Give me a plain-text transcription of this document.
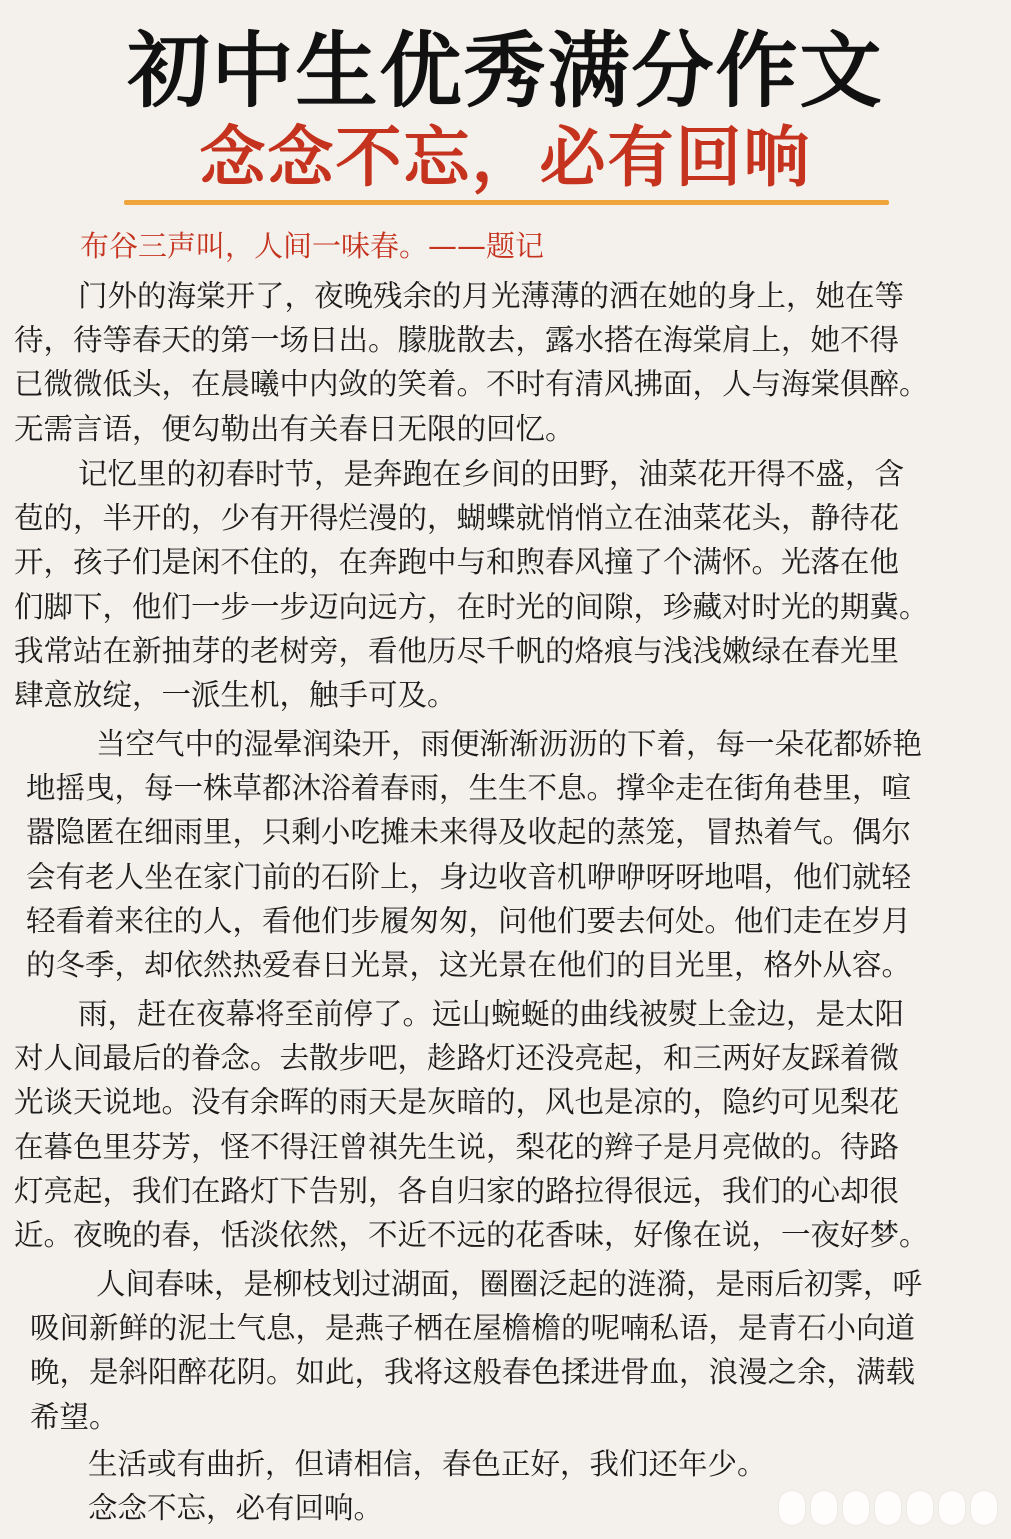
初中生优秀满分作文
念念不忘，必有回响
布谷三声叫，人间一味春。——题记
门外的海棠开了，夜晚残余的月光薄薄的洒在她的身上，她在等
待，待等春天的第一场日出。朦胧散去，露水搭在海棠肩上，她不得
已微微低头，在晨曦中内敛的笑着。不时有清风拂面，人与海棠俱醉。
无需言语，便勾勒出有关春日无限的回忆。
记忆里的初春时节，是奔跑在乡间的田野，油菜花开得不盛，含
苞的，半开的，少有开得烂漫的，蝴蝶就悄悄立在油菜花头，静待花
开，孩子们是闲不住的，在奔跑中与和煦春风撞了个满怀。光落在他
们脚下，他们一步一步迈向远方，在时光的间隙，珍藏对时光的期冀。
我常站在新抽芽的老树旁，看他历尽千帆的烙痕与浅浅嫩绿在春光里
肆意放绽，一派生机，触手可及。
当空气中的湿晕润染开，雨便渐渐沥沥的下着，每一朵花都娇艳
地摇曳，每一株草都沐浴着春雨，生生不息。撑伞走在街角巷里，喧
嚣隐匿在细雨里，只剩小吃摊未来得及收起的蒸笼，冒热着气。偶尔
会有老人坐在家门前的石阶上，身边收音机咿咿呀呀地唱，他们就轻
轻看着来往的人，看他们步履匆匆，问他们要去何处。他们走在岁月
的冬季，却依然热爱春日光景，这光景在他们的目光里，格外从容。
雨，赶在夜幕将至前停了。远山蜿蜒的曲线被熨上金边，是太阳
对人间最后的眷念。去散步吧，趁路灯还没亮起，和三两好友踩着微
光谈天说地。没有余晖的雨天是灰暗的，风也是凉的，隐约可见梨花
在暮色里芬芳，怪不得汪曾祺先生说，梨花的辫子是月亮做的。待路
灯亮起，我们在路灯下告别，各自归家的路拉得很远，我们的心却很
近。夜晚的春，恬淡依然，不近不远的花香味，好像在说，一夜好梦。
人间春味，是柳枝划过湖面，圈圈泛起的涟漪，是雨后初霁，呼
吸间新鲜的泥土气息，是燕子栖在屋檐檐的呢喃私语，是青石小向道
晚，是斜阳醉花阴。如此，我将这般春色揉进骨血，浪漫之余，满载
希望。
生活或有曲折，但请相信，春色正好，我们还年少。
念念不忘，必有回响。
